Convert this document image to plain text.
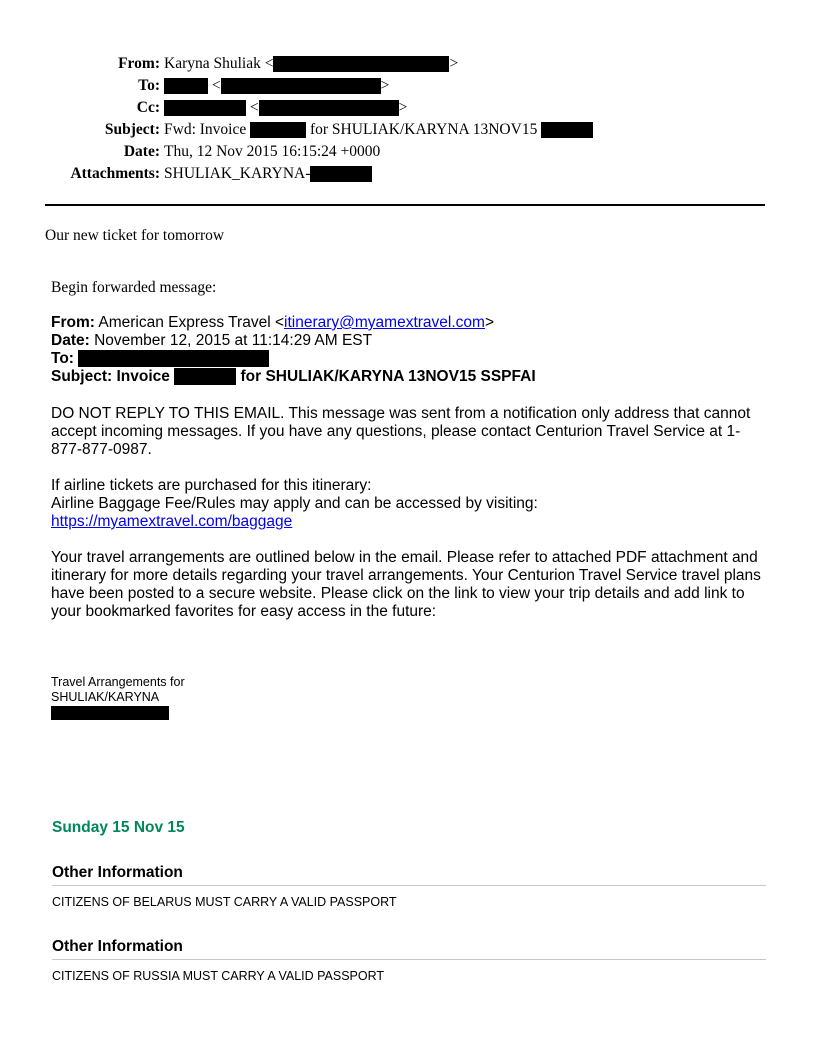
From: Karyna Shuliak <	>
To:	<	>
Cc:	<	>
Subject: Fwd: Invoice	for SHULIAK/KARYNA 13NOV15
Date: Thu, 12 Nov 2015 16:15:24 +0000
Attachments: SHULIAK_KARYNA-
Our new ticket for tomorrow
Begin forwarded message:
From: American Express Travel <itinerary@myamextravel.com>
Date: November 12, 2015 at 11:14:29 AM EST
To:
Subject: Invoice	for SHULIAK/KARYNA 13NOV15 SSPFAI
DO NOT REPLY TO THIS EMAIL. This message was sent from a notification only address that cannot accept incoming messages. If you have any questions, please contact Centurion Travel Service at 1-877-877-0987.
If airline tickets are purchased for this itinerary:
Airline Baggage Fee/Rules may apply and can be accessed by visiting:
https://myamextravel.com/baggage
Your travel arrangements are outlined below in the email. Please refer to attached PDF attachment and itinerary for more details regarding your travel arrangements. Your Centurion Travel Service travel plans have been posted to a secure website. Please click on the link to view your trip details and add link to your bookmarked favorites for easy access in the future:
Travel Arrangements for
SHULIAK/KARYNA
Sunday 15 Nov 15
Other Information
CITIZENS OF BELARUS MUST CARRY A VALID PASSPORT
Other Information
CITIZENS OF RUSSIA MUST CARRY A VALID PASSPORT
